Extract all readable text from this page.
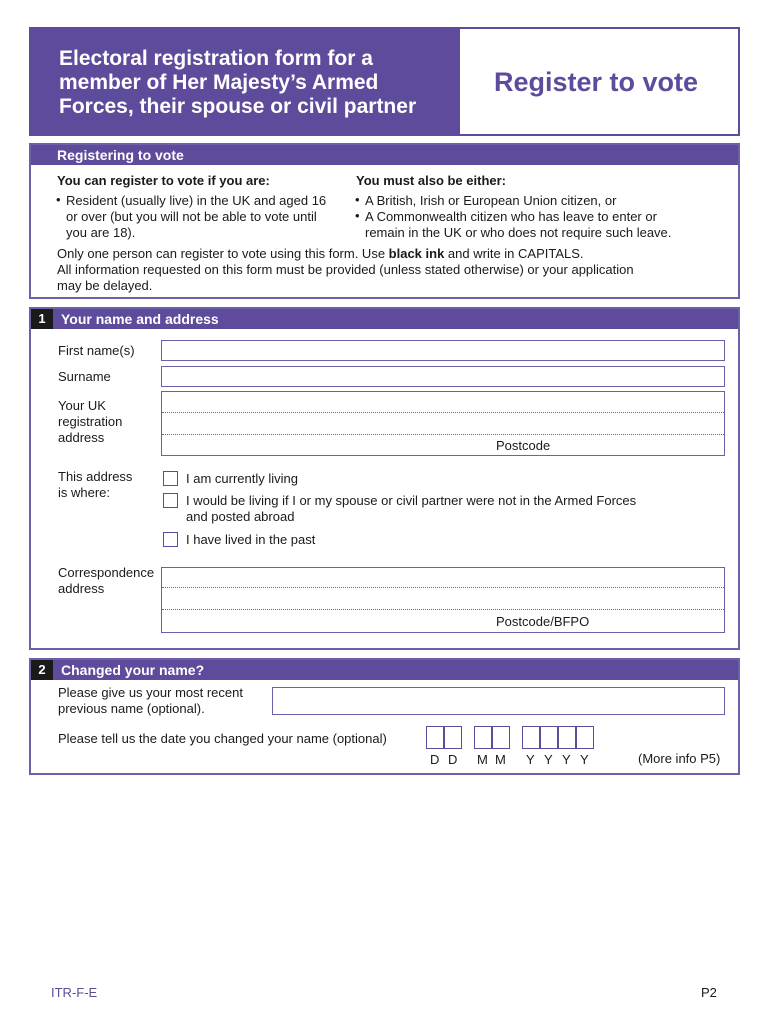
Electoral registration form for a
member of Her Majesty’s Armed
Forces, their spouse or civil partner
Register to vote
Registering to vote
You can register to vote if you are:
• Resident (usually live) in the UK and aged 16
or over (but you will not be able to vote until
you are 18).
You must also be either:
• A British, Irish or European Union citizen, or
• A Commonwealth citizen who has leave to enter or
remain in the UK or who does not require such leave.
Only one person can register to vote using this form. Use black ink and write in CAPITALS.
All information requested on this form must be provided (unless stated otherwise) or your application
may be delayed.
1	Your name and address
First name(s)
Surname
Your UK
registration
address
Postcode
This address
is where:
I am currently living
I would be living if I or my spouse or civil partner were not in the Armed Forces
and posted abroad
I have lived in the past
Correspondence
address
Postcode/BFPO
2	Changed your name?
Please give us your most recent
previous name (optional).
Please tell us the date you changed your name (optional)
D D M M Y Y Y Y	(More info P5)
ITR-F-E	P2
